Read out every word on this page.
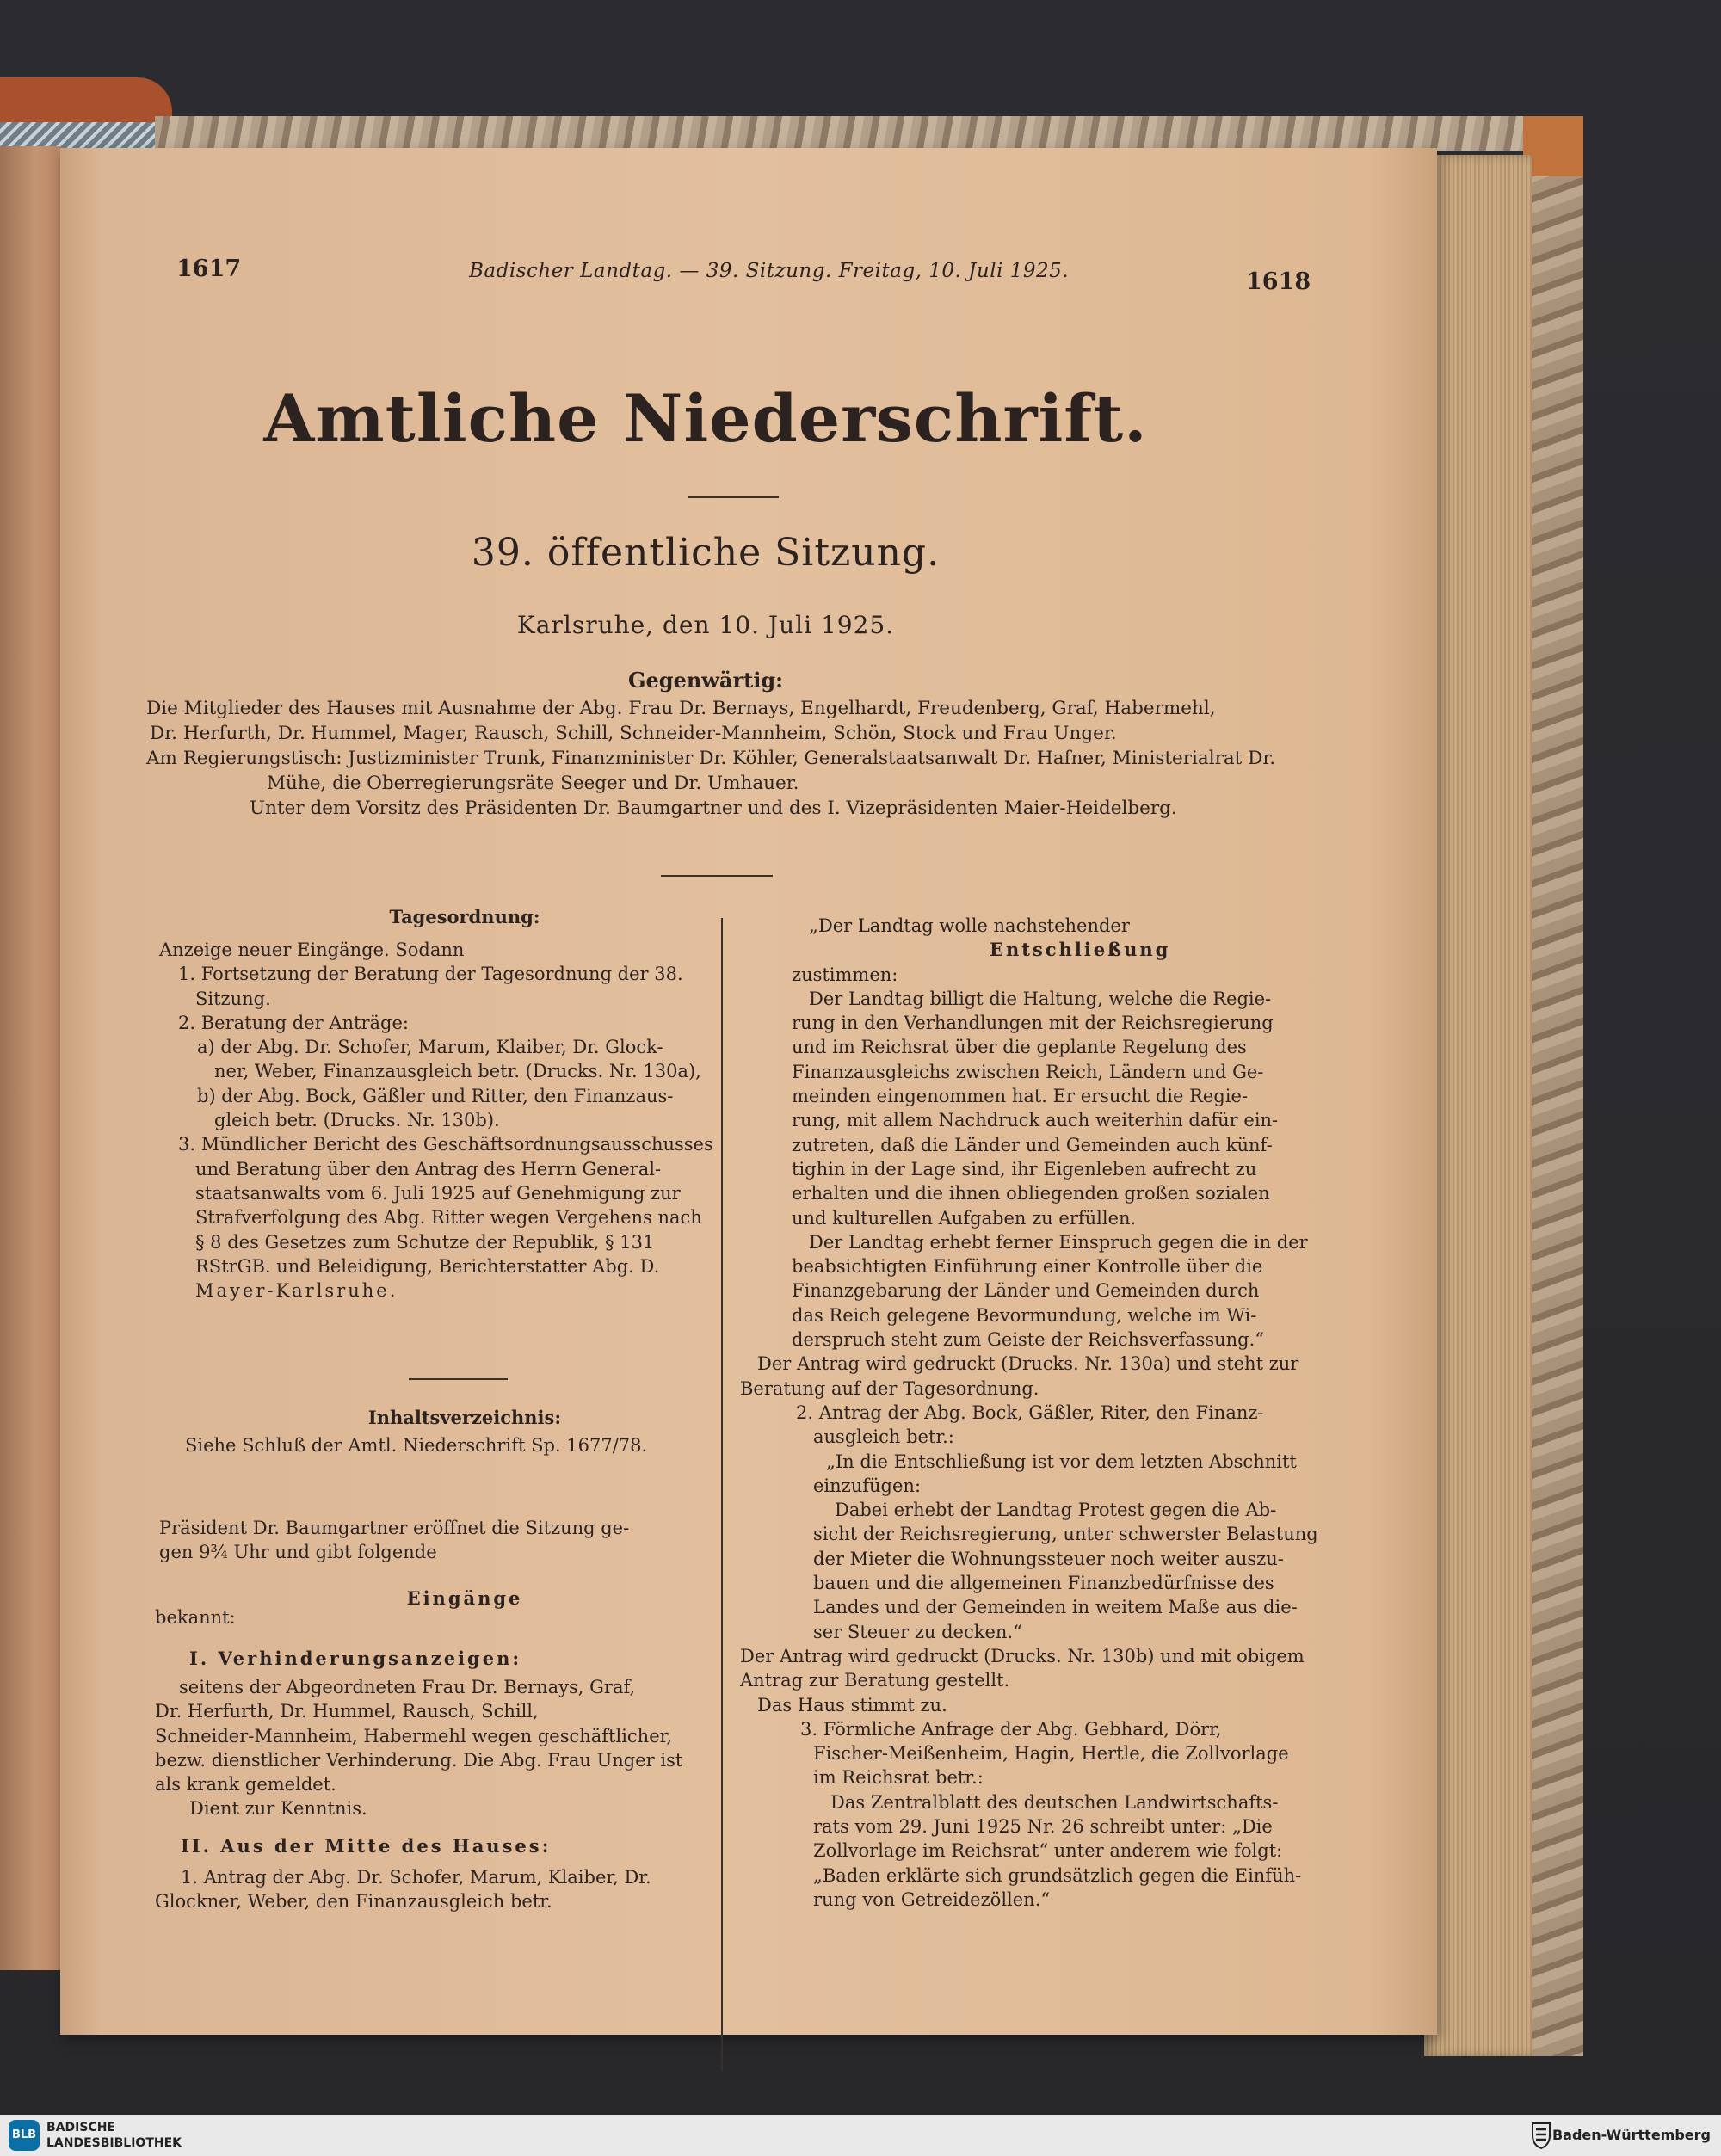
1617	Badischer Landtag. — 39. Sitzung. Freitag, 10. Juli 1925.	1618
Amtliche Niederschrift.
39. öffentliche Sitzung.
Karlsruhe, den 10. Juli 1925.
Gegenwärtig:
Die Mitglieder des Hauses mit Ausnahme der Abg. Frau Dr. Bernays, Engelhardt, Freudenberg, Graf, Habermehl,
Dr. Herfurth, Dr. Hummel, Mager, Rausch, Schill, Schneider-Mannheim, Schön, Stock und Frau Unger.
Am Regierungstisch: Justizminister Trunk, Finanzminister Dr. Köhler, Generalstaatsanwalt Dr. Hafner, Ministerialrat Dr.
Mühe, die Oberregierungsräte Seeger und Dr. Umhauer.
Unter dem Vorsitz des Präsidenten Dr. Baumgartner und des I. Vizepräsidenten Maier-Heidelberg.
Tagesordnung:
Anzeige neuer Eingänge. Sodann
1. Fortsetzung der Beratung der Tagesordnung der 38.
Sitzung.
2. Beratung der Anträge:
a) der Abg. Dr. Schofer, Marum, Klaiber, Dr. Glock-
ner, Weber, Finanzausgleich betr. (Drucks. Nr. 130a),
b) der Abg. Bock, Gäßler und Ritter, den Finanzaus-
gleich betr. (Drucks. Nr. 130b).
3. Mündlicher Bericht des Geschäftsordnungsausschusses
und Beratung über den Antrag des Herrn General-
staatsanwalts vom 6. Juli 1925 auf Genehmigung zur
Strafverfolgung des Abg. Ritter wegen Vergehens nach
§ 8 des Gesetzes zum Schutze der Republik, § 131
RStrGB. und Beleidigung, Berichterstatter Abg. D.
Mayer-Karlsruhe.
Inhaltsverzeichnis:
Siehe Schluß der Amtl. Niederschrift Sp. 1677/78.
Präsident Dr. Baumgartner eröffnet die Sitzung ge-
gen 9¾ Uhr und gibt folgende
Eingänge
bekannt:
I. Verhinderungsanzeigen:
seitens der Abgeordneten Frau Dr. Bernays, Graf,
Dr. Herfurth, Dr. Hummel, Rausch, Schill,
Schneider-Mannheim, Habermehl wegen geschäftlicher,
bezw. dienstlicher Verhinderung. Die Abg. Frau Unger ist
als krank gemeldet.
Dient zur Kenntnis.
II. Aus der Mitte des Hauses:
1. Antrag der Abg. Dr. Schofer, Marum, Klaiber, Dr.
Glockner, Weber, den Finanzausgleich betr.
„Der Landtag wolle nachstehender
Entschließung
zustimmen:
Der Landtag billigt die Haltung, welche die Regie-
rung in den Verhandlungen mit der Reichsregierung
und im Reichsrat über die geplante Regelung des
Finanzausgleichs zwischen Reich, Ländern und Ge-
meinden eingenommen hat. Er ersucht die Regie-
rung, mit allem Nachdruck auch weiterhin dafür ein-
zutreten, daß die Länder und Gemeinden auch künf-
tighin in der Lage sind, ihr Eigenleben aufrecht zu
erhalten und die ihnen obliegenden großen sozialen
und kulturellen Aufgaben zu erfüllen.
Der Landtag erhebt ferner Einspruch gegen die in der
beabsichtigten Einführung einer Kontrolle über die
Finanzgebarung der Länder und Gemeinden durch
das Reich gelegene Bevormundung, welche im Wi-
derspruch steht zum Geiste der Reichsverfassung.“
Der Antrag wird gedruckt (Drucks. Nr. 130a) und steht zur
Beratung auf der Tagesordnung.
2. Antrag der Abg. Bock, Gäßler, Riter, den Finanz-
ausgleich betr.:
„In die Entschließung ist vor dem letzten Abschnitt
einzufügen:
Dabei erhebt der Landtag Protest gegen die Ab-
sicht der Reichsregierung, unter schwerster Belastung
der Mieter die Wohnungssteuer noch weiter auszu-
bauen und die allgemeinen Finanzbedürfnisse des
Landes und der Gemeinden in weitem Maße aus die-
ser Steuer zu decken.“
Der Antrag wird gedruckt (Drucks. Nr. 130b) und mit obigem
Antrag zur Beratung gestellt.
Das Haus stimmt zu.
3. Förmliche Anfrage der Abg. Gebhard, Dörr,
Fischer-Meißenheim, Hagin, Hertle, die Zollvorlage
im Reichsrat betr.:
Das Zentralblatt des deutschen Landwirtschafts-
rats vom 29. Juni 1925 Nr. 26 schreibt unter: „Die
Zollvorlage im Reichsrat“ unter anderem wie folgt:
„Baden erklärte sich grundsätzlich gegen die Einfüh-
rung von Getreidezöllen.“
BLB
BADISCHE
LANDESBIBLIOTHEK	Baden-Württemberg
